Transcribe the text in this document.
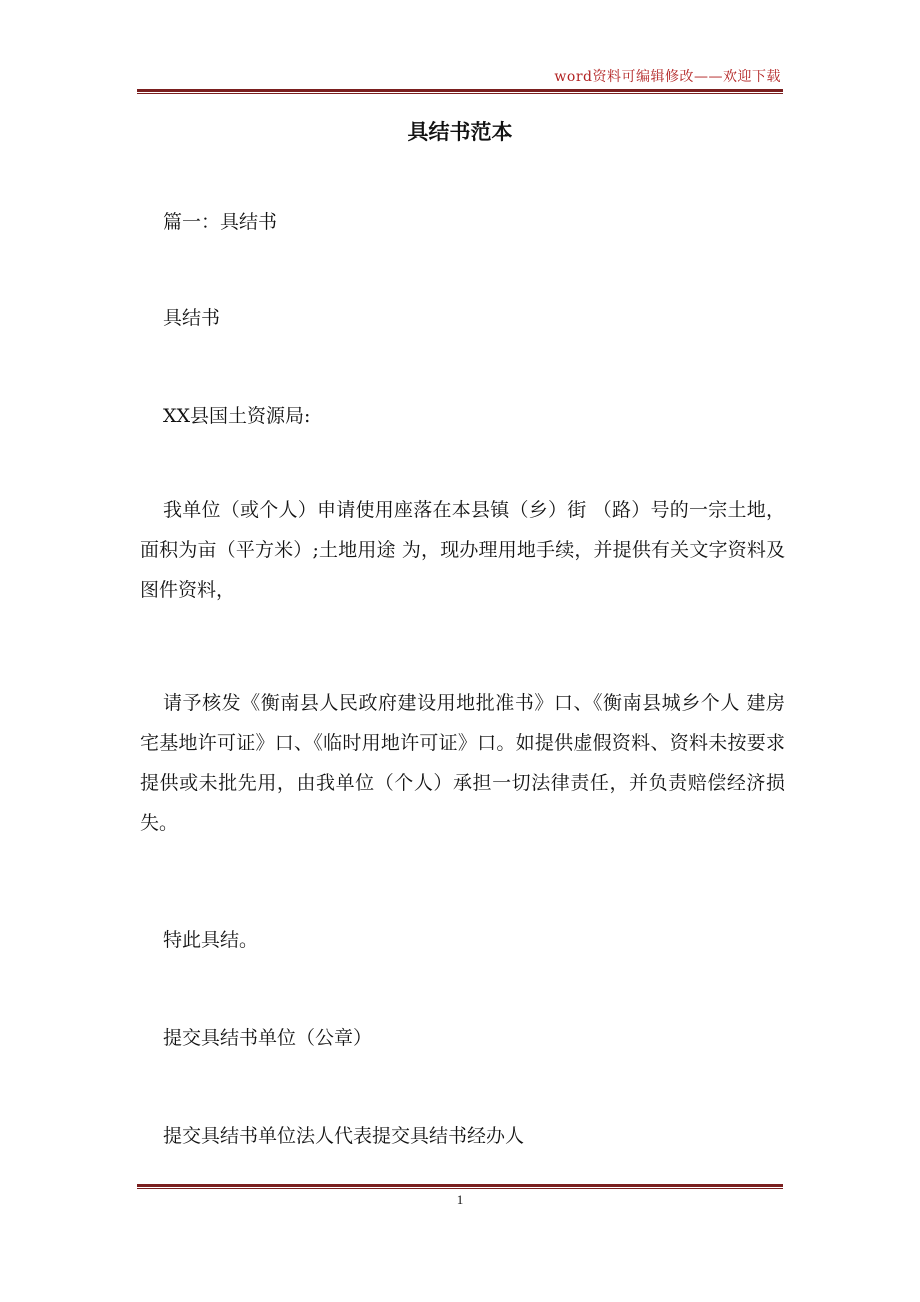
word资料可编辑修改——欢迎下载
具结书范本

篇一：具结书

具结书

XX县国土资源局:

我单位（或个人）申请使用座落在本县镇（乡）街 （路）号的一宗土地，面积为亩（平方米）;土地用途 为，现办理用地手续，并提供有关文字资料及图件资料，

请予核发《衡南县人民政府建设用地批准书》口、《衡南县城乡个人 建房宅基地许可证》口、《临时用地许可证》口。如提供虚假资料、资料未按要求提供或未批先用，由我单位（个人）承担一切法律责任，并负责赔偿经济损失。

特此具结。

提交具结书单位（公章）

提交具结书单位法人代表提交具结书经办人

1
